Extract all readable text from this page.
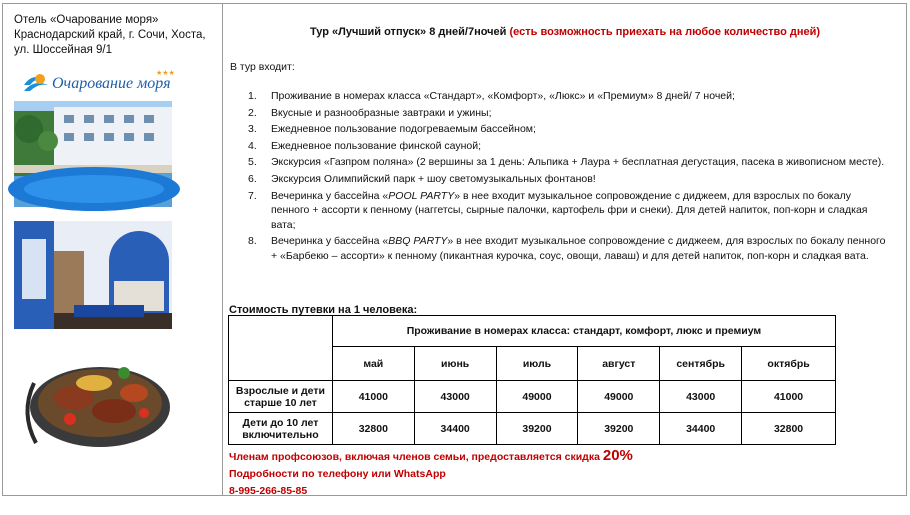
Отель «Очарование моря»
Краснодарский край, г. Сочи, Хоста,
ул. Шоссейная 9/1
Очарование моря
★★★
Тур «Лучший отпуск» 8 дней/7ночей (есть возможность приехать на любое количество дней)
В тур входит:
1. Проживание в номерах класса «Стандарт», «Комфорт», «Люкс» и «Премиум» 8 дней/ 7 ночей;
2. Вкусные и разнообразные завтраки и ужины;
3. Ежедневное пользование подогреваемым бассейном;
4. Ежедневное пользование финской сауной;
5. Экскурсия «Газпром поляна» (2 вершины за 1 день: Альпика + Лаура + бесплатная дегустация, пасека в живописном месте).
6. Экскурсия Олимпийский парк + шоу светомузыкальных фонтанов!
7. Вечеринка у бассейна «POOL PARTY» в нее входит музыкальное сопровождение с диджеем, для взрослых по бокалу пенного + ассорти к пенному (наггетсы, сырные палочки, картофель фри и снеки). Для детей напиток, поп-корн и сладкая вата;
8. Вечеринка у бассейна «BBQ PARTY» в нее входит музыкальное сопровождение с диджеем, для взрослых по бокалу пенного + «Барбекю – ассорти» к пенному (пикантная курочка, соус, овощи, лаваш) и для детей напиток, поп-корн и сладкая вата.
Стоимость путевки на 1 человека:
	Проживание в номерах класса: стандарт, комфорт, люкс и премиум					
	май	июнь	июль	август	сентябрь	октябрь
Взрослые и дети старше 10 лет	41000	43000	49000	49000	43000	41000
Дети до 10 лет включительно	32800	34400	39200	39200	34400	32800
Членам профсоюзов, включая членов семьи, предоставляется скидка 20%
Подробности по телефону или WhatsApp
8-995-266-85-85
